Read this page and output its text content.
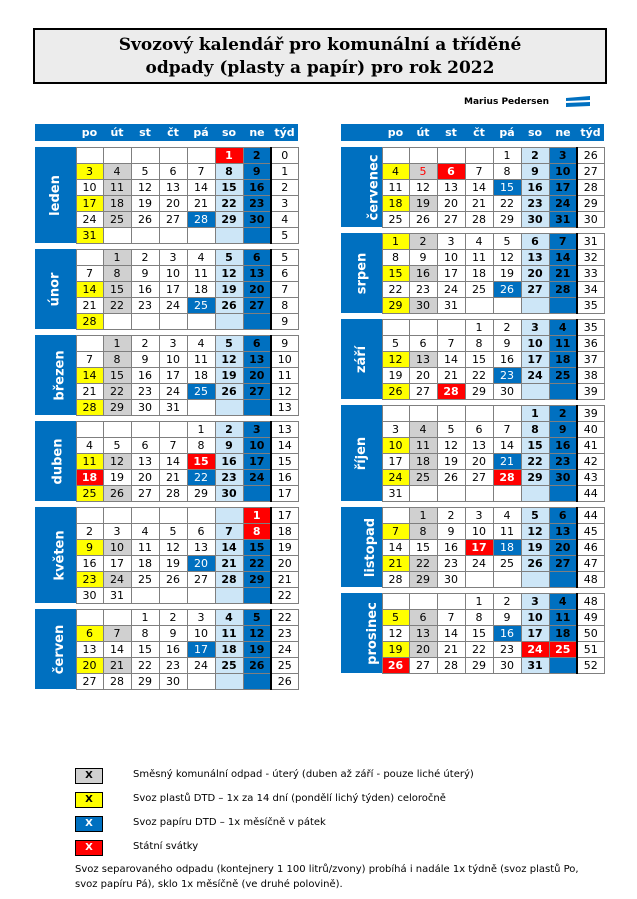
Svozový kalendář pro komunální a tříděné
odpady (plasty a papír) pro rok 2022
Marius Pedersen
	po	út	st	čt	pá	so	ne	týd

leden						1	2	0
	3	4	5	6	7	8	9	1
	10	11	12	13	14	15	16	2
	17	18	19	20	21	22	23	3
	24	25	26	27	28	29	30	4
	31							5

únor		1	2	3	4	5	6	5
	7	8	9	10	11	12	13	6
	14	15	16	17	18	19	20	7
	21	22	23	24	25	26	27	8
	28							9

březen		1	2	3	4	5	6	9
	7	8	9	10	11	12	13	10
	14	15	16	17	18	19	20	11
	21	22	23	24	25	26	27	12
	28	29	30	31				13

duben					1	2	3	13
	4	5	6	7	8	9	10	14
	11	12	13	14	15	16	17	15
	18	19	20	21	22	23	24	16
	25	26	27	28	29	30		17

květen							1	17
	2	3	4	5	6	7	8	18
	9	10	11	12	13	14	15	19
	16	17	18	19	20	21	22	20
	23	24	25	26	27	28	29	21
	30	31						22

červen			1	2	3	4	5	22
	6	7	8	9	10	11	12	23
	13	14	15	16	17	18	19	24
	20	21	22	23	24	25	26	25
	27	28	29	30				26
	po	út	st	čt	pá	so	ne	týd

červenec					1	2	3	26
	4	5	6	7	8	9	10	27
	11	12	13	14	15	16	17	28
	18	19	20	21	22	23	24	29
	25	26	27	28	29	30	31	30

srpen	1	2	3	4	5	6	7	31
	8	9	10	11	12	13	14	32
	15	16	17	18	19	20	21	33
	22	23	24	25	26	27	28	34
	29	30	31					35

září				1	2	3	4	35
	5	6	7	8	9	10	11	36
	12	13	14	15	16	17	18	37
	19	20	21	22	23	24	25	38
	26	27	28	29	30			39

říjen						1	2	39
	3	4	5	6	7	8	9	40
	10	11	12	13	14	15	16	41
	17	18	19	20	21	22	23	42
	24	25	26	27	28	29	30	43
	31							44

listopad		1	2	3	4	5	6	44
	7	8	9	10	11	12	13	45
	14	15	16	17	18	19	20	46
	21	22	23	24	25	26	27	47
	28	29	30					48

prosinec				1	2	3	4	48
	5	6	7	8	9	10	11	49
	12	13	14	15	16	17	18	50
	19	20	21	22	23	24	25	51
	26	27	28	29	30	31		52
X	Směsný komunální odpad - úterý (duben až září - pouze liché úterý)
X	Svoz plastů DTD – 1x za 14 dní (pondělí lichý týden) celoročně
X	Svoz papíru DTD – 1x měsíčně v pátek
X	Státní svátky
Svoz separovaného odpadu (kontejnery 1 100 litrů/zvony) probíhá i nadále 1x týdně (svoz plastů Po, svoz papíru Pá), sklo 1x měsíčně (ve druhé polovině).
